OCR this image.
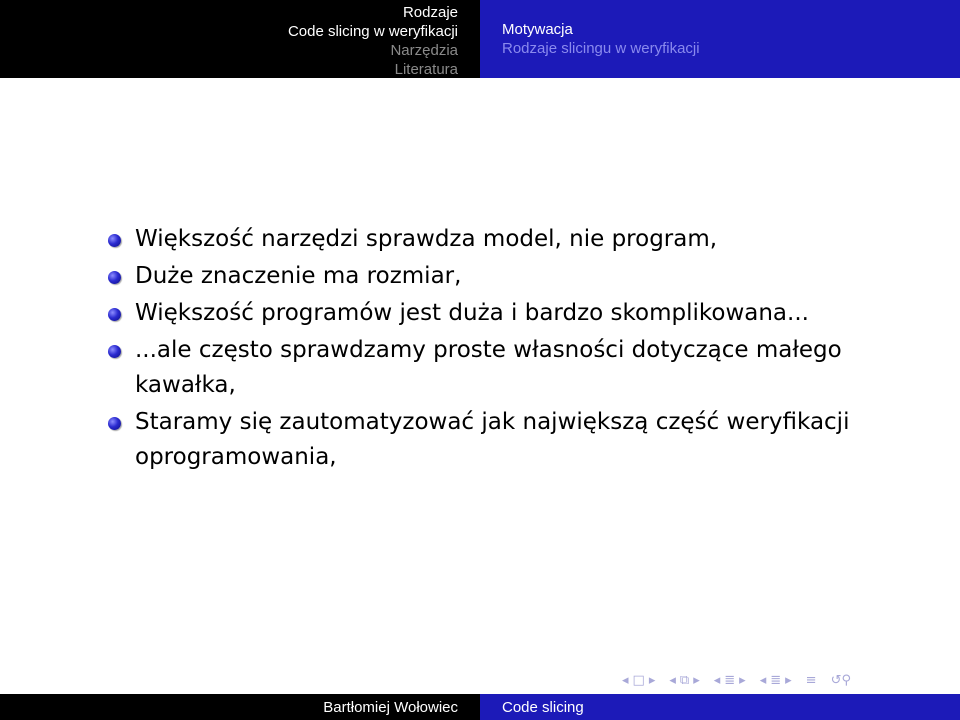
Rodzaje
Code slicing w weryfikacji
Narzędzia
Literatura
Motywacja
Rodzaje slicingu w weryfikacji
Większość narzędzi sprawdza model, nie program,
Duże znaczenie ma rozmiar,
Większość programów jest duża i bardzo skomplikowana...
...ale często sprawdzamy proste własności dotyczące małego kawałka,
Staramy się zautomatyzować jak największą część weryfikacji oprogramowania,
◂ □ ▸ ◂ ⧉ ▸ ◂ ≣ ▸ ◂ ≣ ▸ ≡ ↺⚲
Bartłomiej Wołowiec	Code slicing
